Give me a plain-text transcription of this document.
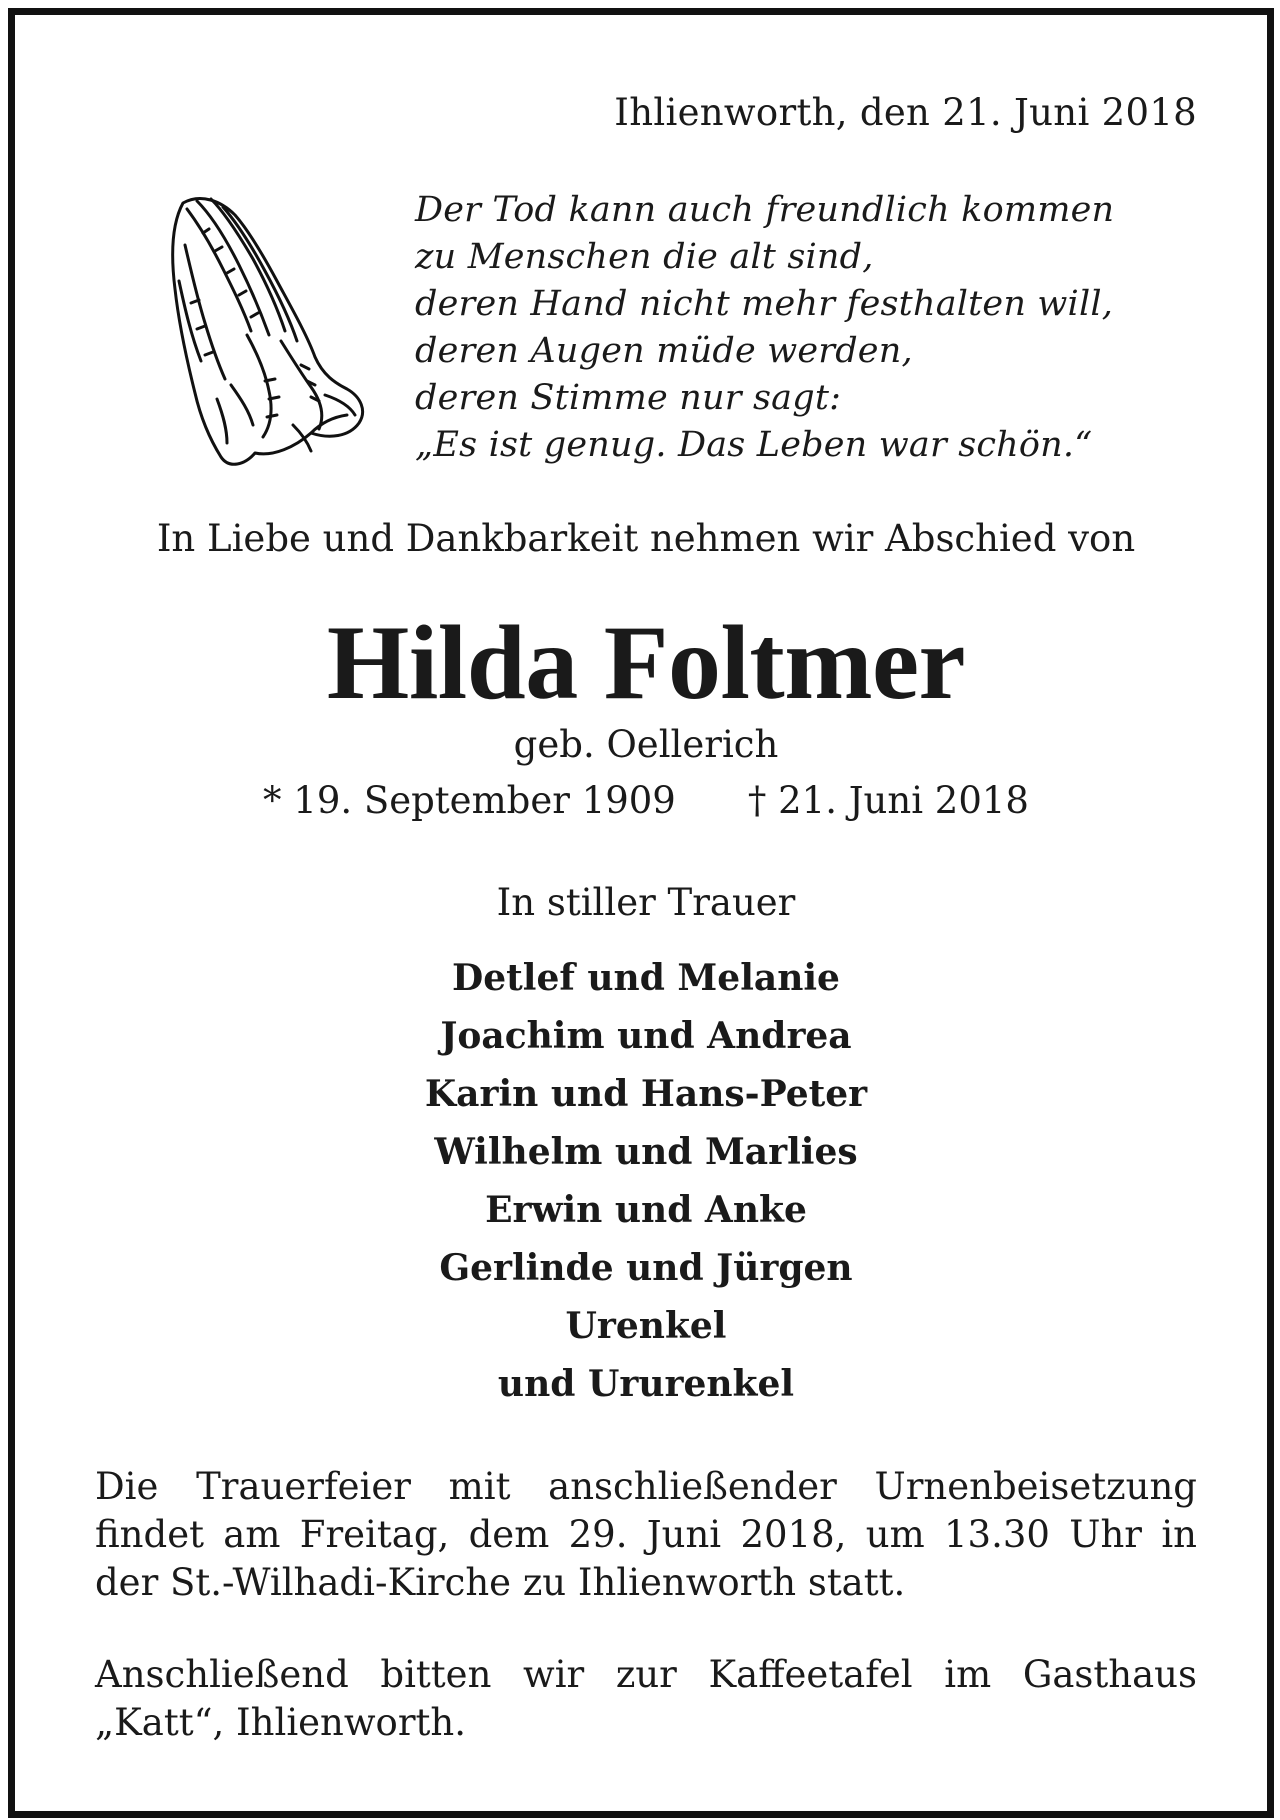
Ihlienworth, den 21. Juni 2018
Der Tod kann auch freundlich kommen
zu Menschen die alt sind,
deren Hand nicht mehr festhalten will,
deren Augen müde werden,
deren Stimme nur sagt:
„Es ist genug. Das Leben war schön.“
In Liebe und Dankbarkeit nehmen wir Abschied von
Hilda Foltmer
geb. Oellerich
* 19. September 1909 † 21. Juni 2018
In stiller Trauer
Detlef und Melanie
Joachim und Andrea
Karin und Hans-Peter
Wilhelm und Marlies
Erwin und Anke
Gerlinde und Jürgen
Urenkel
und Ururenkel
Die Trauerfeier mit anschließender Urnenbeisetzung
findet am Freitag, dem 29. Juni 2018, um 13.30 Uhr in
der St.-Wilhadi-Kirche zu Ihlienworth statt.
Anschließend bitten wir zur Kaffeetafel im Gasthaus
„Katt“, Ihlienworth.
